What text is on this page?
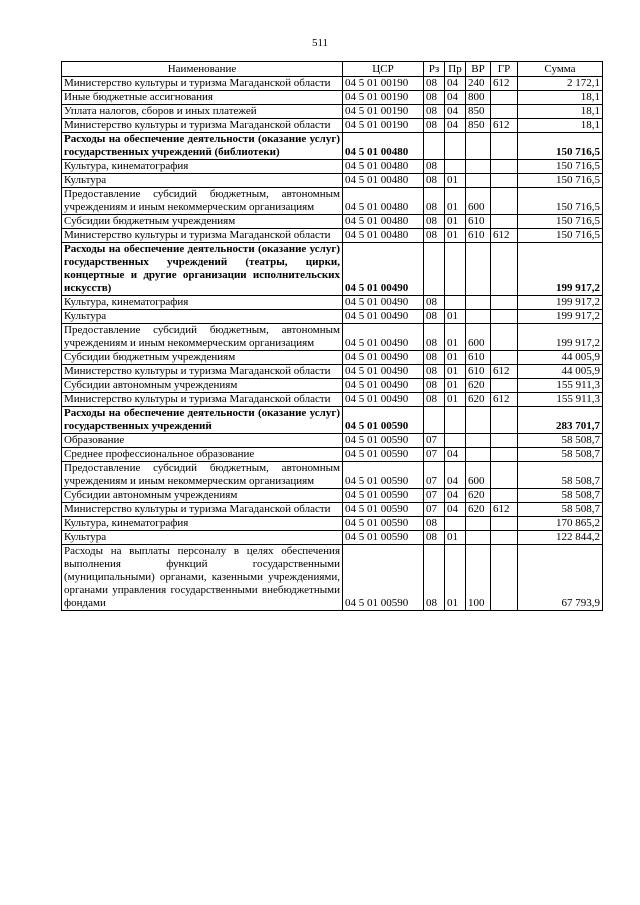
511
Наименование	ЦСР	Рз	Пр	ВР	ГР	Сумма
Министерство культуры и туризма Магаданской области	04 5 01 00190	08	04	240	612	2 172,1
Иные бюджетные ассигнования	04 5 01 00190	08	04	800		18,1
Уплата налогов, сборов и иных платежей	04 5 01 00190	08	04	850		18,1
Министерство культуры и туризма Магаданской области	04 5 01 00190	08	04	850	612	18,1
Расходы на обеспечение деятельности (оказание услуг) государственных учреждений (библиотеки)	04 5 01 00480					150 716,5
Культура, кинематография	04 5 01 00480	08				150 716,5
Культура	04 5 01 00480	08	01			150 716,5
Предоставление субсидий бюджетным, автономным учреждениям и иным некоммерческим организациям	04 5 01 00480	08	01	600		150 716,5
Субсидии бюджетным учреждениям	04 5 01 00480	08	01	610		150 716,5
Министерство культуры и туризма Магаданской области	04 5 01 00480	08	01	610	612	150 716,5
Расходы на обеспечение деятельности (оказание услуг) государственных учреждений (театры, цирки, концертные и другие организации исполнительских искусств)	04 5 01 00490					199 917,2
Культура, кинематография	04 5 01 00490	08				199 917,2
Культура	04 5 01 00490	08	01			199 917,2
Предоставление субсидий бюджетным, автономным учреждениям и иным некоммерческим организациям	04 5 01 00490	08	01	600		199 917,2
Субсидии бюджетным учреждениям	04 5 01 00490	08	01	610		44 005,9
Министерство культуры и туризма Магаданской области	04 5 01 00490	08	01	610	612	44 005,9
Субсидии автономным учреждениям	04 5 01 00490	08	01	620		155 911,3
Министерство культуры и туризма Магаданской области	04 5 01 00490	08	01	620	612	155 911,3
Расходы на обеспечение деятельности (оказание услуг) государственных учреждений	04 5 01 00590					283 701,7
Образование	04 5 01 00590	07				58 508,7
Среднее профессиональное образование	04 5 01 00590	07	04			58 508,7
Предоставление субсидий бюджетным, автономным учреждениям и иным некоммерческим организациям	04 5 01 00590	07	04	600		58 508,7
Субсидии автономным учреждениям	04 5 01 00590	07	04	620		58 508,7
Министерство культуры и туризма Магаданской области	04 5 01 00590	07	04	620	612	58 508,7
Культура, кинематография	04 5 01 00590	08				170 865,2
Культура	04 5 01 00590	08	01			122 844,2
Расходы на выплаты персоналу в целях обеспечения выполнения функций государственными (муниципальными) органами, казенными учреждениями, органами управления государственными внебюджетными фондами	04 5 01 00590	08	01	100		67 793,9
